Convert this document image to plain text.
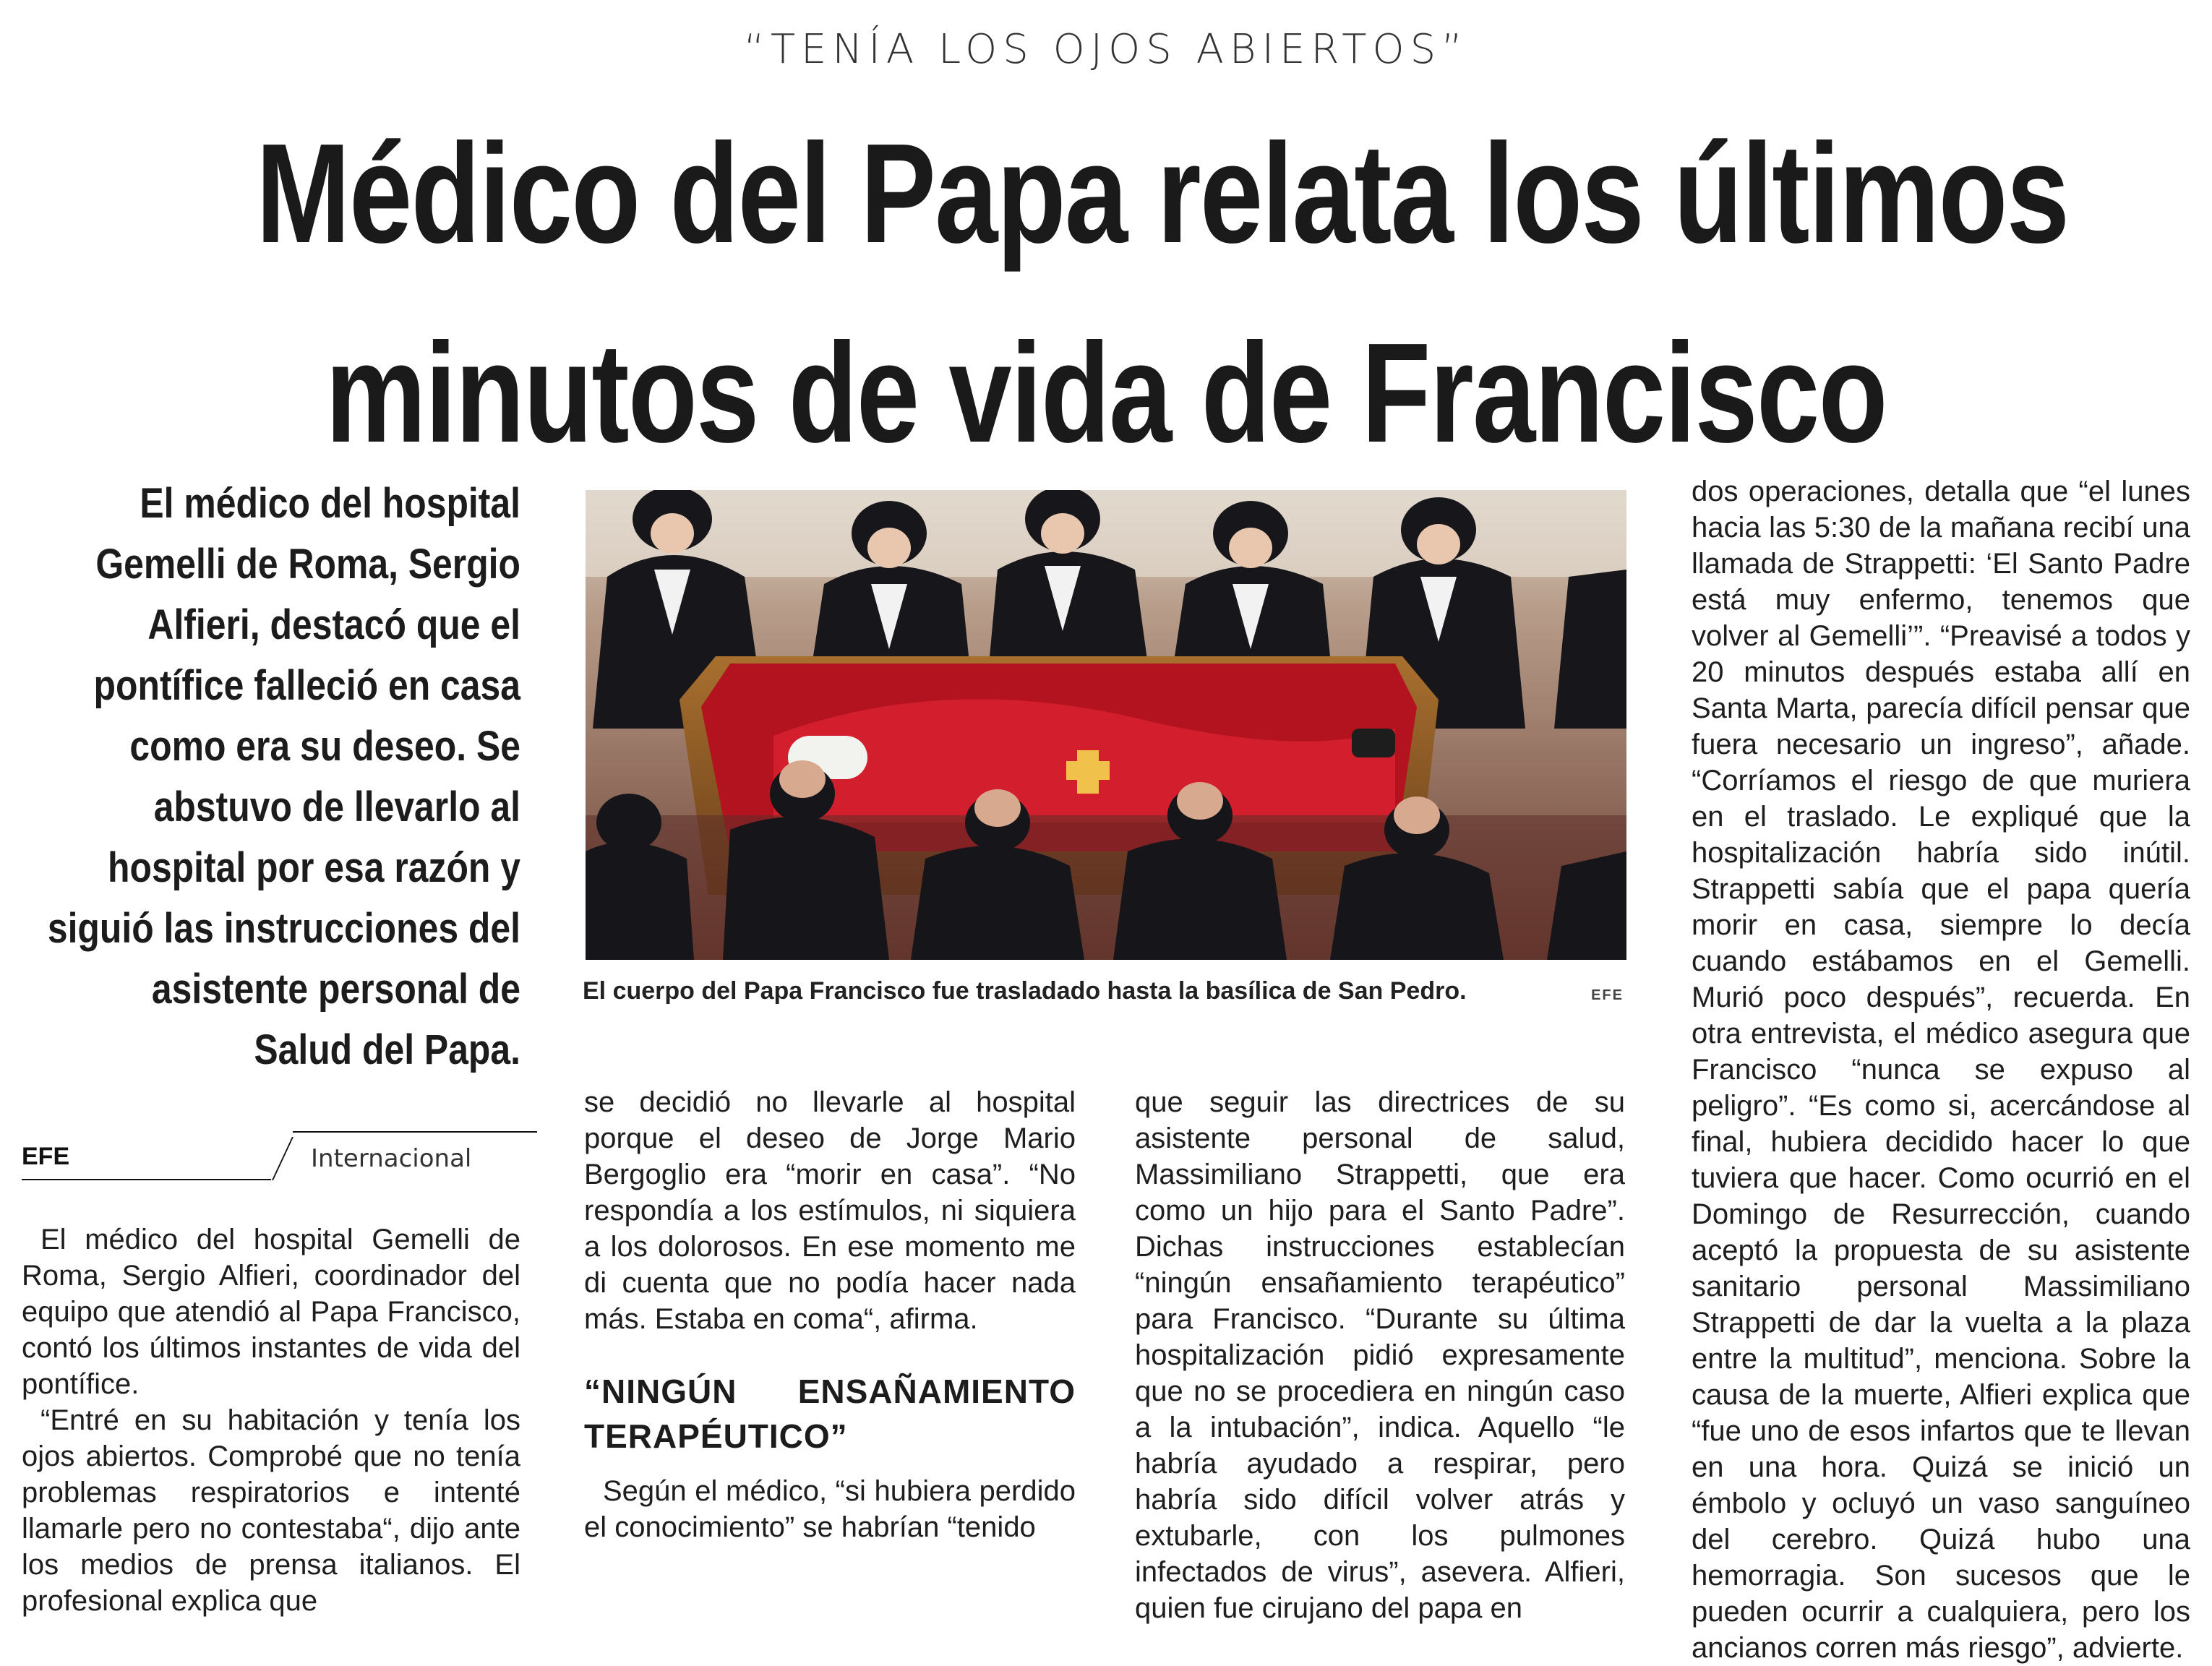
“TENÍA LOS OJOS ABIERTOS”
Médico del Papa relata los últimos
minutos de vida de Francisco
El médico del hospital Gemelli de Roma, Sergio Alfieri, destacó que el pontífice falleció en casa como era su deseo. Se abstuvo de llevarlo al hospital por esa razón y siguió las instrucciones del asistente personal de Salud del Papa.
EFE	Internacional

El médico del hospital Gemelli de Roma, Sergio Alfieri, coordinador del equipo que atendió al Papa Francisco, contó los últimos instantes de vida del pontífice.

“Entré en su habitación y tenía los ojos abiertos. Comprobé que no tenía problemas respiratorios e intenté llamarle pero no contestaba“, dijo ante los medios de prensa italianos. El profesional explica que

El cuerpo del Papa Francisco fue trasladado hasta la basílica de San Pedro.	EFE

se decidió no llevarle al hospital porque el deseo de Jorge Mario Bergoglio era “morir en casa”. “No respondía a los estímulos, ni siquiera a los dolorosos. En ese momento me di cuenta que no podía hacer nada más. Estaba en coma“, afirma.

“NINGÚN ENSAÑAMIENTO TERAPÉUTICO”

Según el médico, “si hubiera perdido el conocimiento” se habrían “tenido

que seguir las directrices de su asistente personal de salud, Massimiliano Strappetti, que era como un hijo para el Santo Padre”. Dichas instrucciones establecían “ningún ensañamiento terapéutico” para Francisco. “Durante su última hospitalización pidió expresamente que no se procediera en ningún caso a la intubación”, indica. Aquello “le habría ayudado a respirar, pero habría sido difícil volver atrás y extubarle, con los pulmones infectados de virus”, asevera. Alfieri, quien fue cirujano del papa en

dos operaciones, detalla que “el lunes hacia las 5:30 de la mañana recibí una llamada de Strappetti: ‘El Santo Padre está muy enfermo, tenemos que volver al Gemelli’”. “Preavisé a todos y 20 minutos después estaba allí en Santa Marta, parecía difícil pensar que fuera necesario un ingreso”, añade. “Corríamos el riesgo de que muriera en el traslado. Le expliqué que la hospitalización habría sido inútil. Strappetti sabía que el papa quería morir en casa, siempre lo decía cuando estábamos en el Gemelli. Murió poco después”, recuerda. En otra entrevista, el médico asegura que Francisco “nunca se expuso al peligro”. “Es como si, acercándose al final, hubiera decidido hacer lo que tuviera que hacer. Como ocurrió en el Domingo de Resurrección, cuando aceptó la propuesta de su asistente sanitario personal Massimiliano Strappetti de dar la vuelta a la plaza entre la multitud”, menciona. Sobre la causa de la muerte, Alfieri explica que “fue uno de esos infartos que te llevan en una hora. Quizá se inició un émbolo y ocluyó un vaso sanguíneo del cerebro. Quizá hubo una hemorragia. Son sucesos que le pueden ocurrir a cualquiera, pero los ancianos corren más riesgo”, advierte.
